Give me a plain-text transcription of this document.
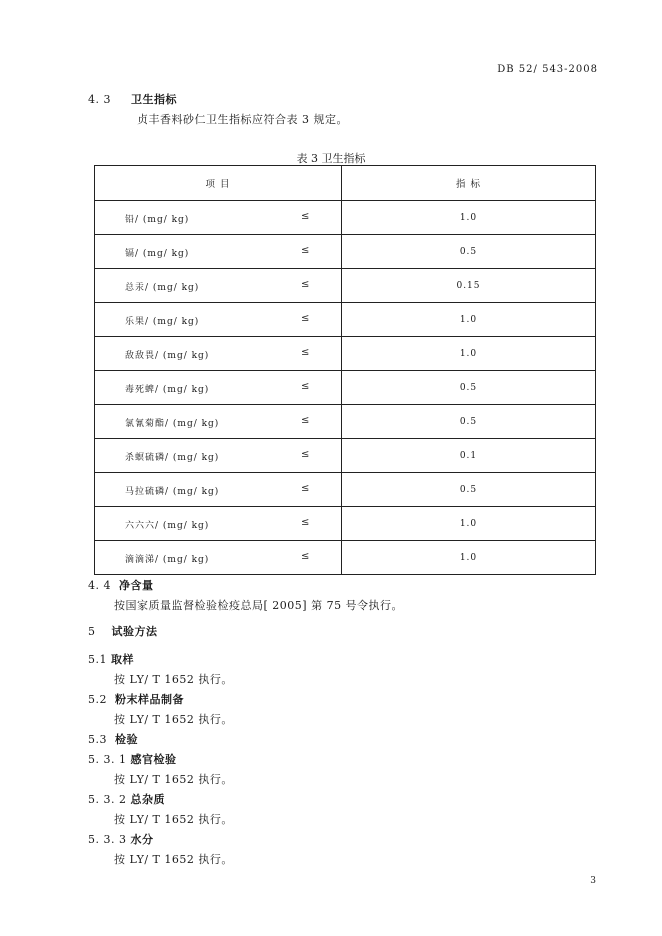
DB 52/ 543-2008
4. 3 卫生指标
贞丰香料砂仁卫生指标应符合表 3 规定。
表 3 卫生指标
项 目	指 标

铅/ (mg/ kg) ≤	1.0

镉/ (mg/ kg) ≤	0.5

总汞/ (mg/ kg) ≤	0.15

乐果/ (mg/ kg) ≤	1.0

敌敌畏/ (mg/ kg) ≤	1.0

毒死蜱/ (mg/ kg) ≤	0.5

氯氰菊酯/ (mg/ kg) ≤	0.5

杀螟硫磷/ (mg/ kg) ≤	0.1

马拉硫磷/ (mg/ kg) ≤	0.5

六六六/ (mg/ kg) ≤	1.0

滴滴涕/ (mg/ kg) ≤	1.0
4. 4 净含量
按国家质量监督检验检疫总局[ 2005] 第 75 号令执行。
5 试验方法
5.1 取样
按 LY/ T 1652 执行。
5.2 粉末样品制备
按 LY/ T 1652 执行。
5.3 检验
5. 3. 1 感官检验
按 LY/ T 1652 执行。
5. 3. 2 总杂质
按 LY/ T 1652 执行。
5. 3. 3 水分
按 LY/ T 1652 执行。
3
